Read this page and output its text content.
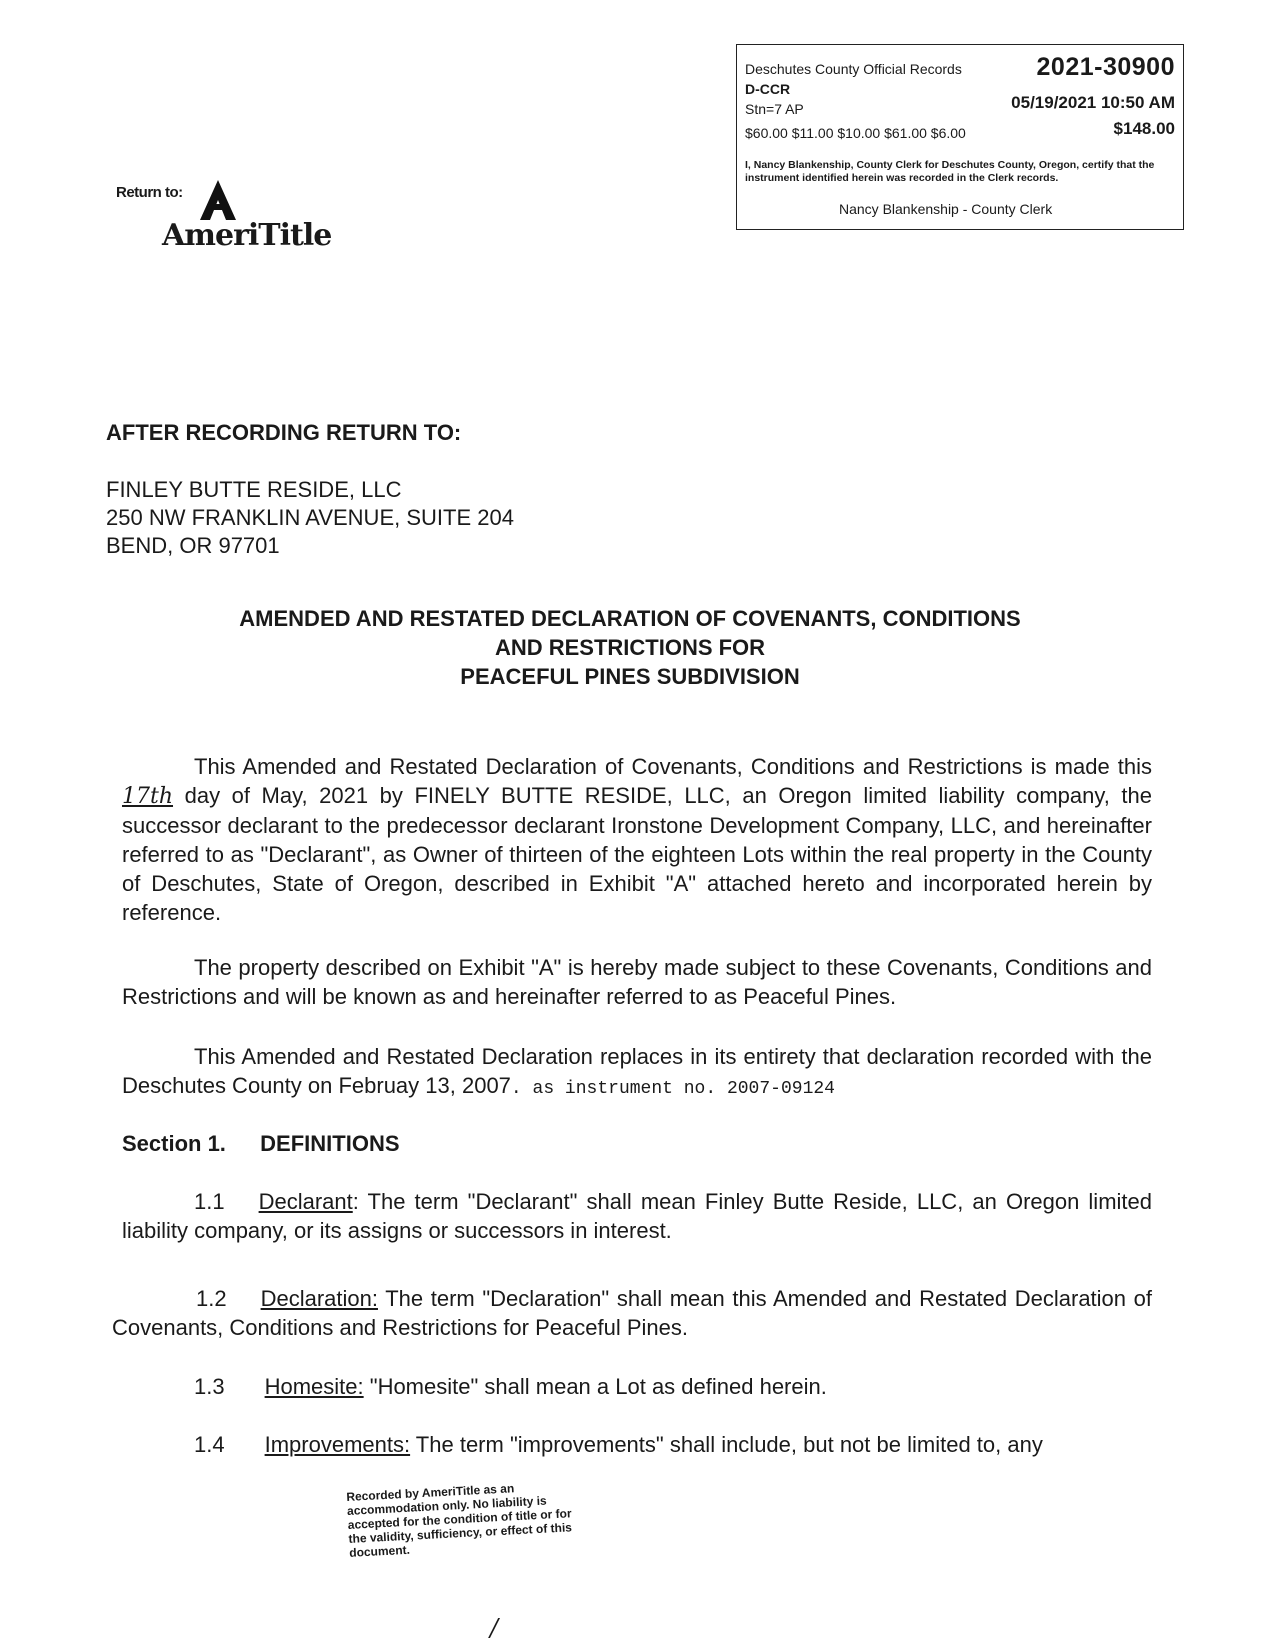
Deschutes County Official Records	2021-30900
D-CCR
Stn=7 AP	05/19/2021 10:50 AM
$60.00 $11.00 $10.00 $61.00 $6.00	$148.00
I, Nancy Blankenship, County Clerk for Deschutes County, Oregon, certify that the instrument identified herein was recorded in the Clerk records.
Nancy Blankenship - County Clerk
Return to:
AmeriTitle
AFTER RECORDING RETURN TO:
FINLEY BUTTE RESIDE, LLC
250 NW FRANKLIN AVENUE, SUITE 204
BEND, OR 97701
AMENDED AND RESTATED DECLARATION OF COVENANTS, CONDITIONS
AND RESTRICTIONS FOR
PEACEFUL PINES SUBDIVISION
This Amended and Restated Declaration of Covenants, Conditions and Restrictions is made this 17th day of May, 2021 by FINELY BUTTE RESIDE, LLC, an Oregon limited liability company, the successor declarant to the predecessor declarant Ironstone Development Company, LLC, and hereinafter referred to as "Declarant", as Owner of thirteen of the eighteen Lots within the real property in the County of Deschutes, State of Oregon, described in Exhibit "A" attached hereto and incorporated herein by reference.
The property described on Exhibit "A" is hereby made subject to these Covenants, Conditions and Restrictions and will be known as and hereinafter referred to as Peaceful Pines.
This Amended and Restated Declaration replaces in its entirety that declaration recorded with the Deschutes County on Februay 13, 2007. as instrument no. 2007-09124
Section 1. DEFINITIONS
1.1 Declarant: The term "Declarant" shall mean Finley Butte Reside, LLC, an Oregon limited liability company, or its assigns or successors in interest.
1.2 Declaration: The term "Declaration" shall mean this Amended and Restated Declaration of Covenants, Conditions and Restrictions for Peaceful Pines.
1.3 Homesite: "Homesite" shall mean a Lot as defined herein.
1.4 Improvements: The term "improvements" shall include, but not be limited to, any
Recorded by AmeriTitle as an accommodation only. No liability is accepted for the condition of title or for the validity, sufficiency, or effect of this document.
/
